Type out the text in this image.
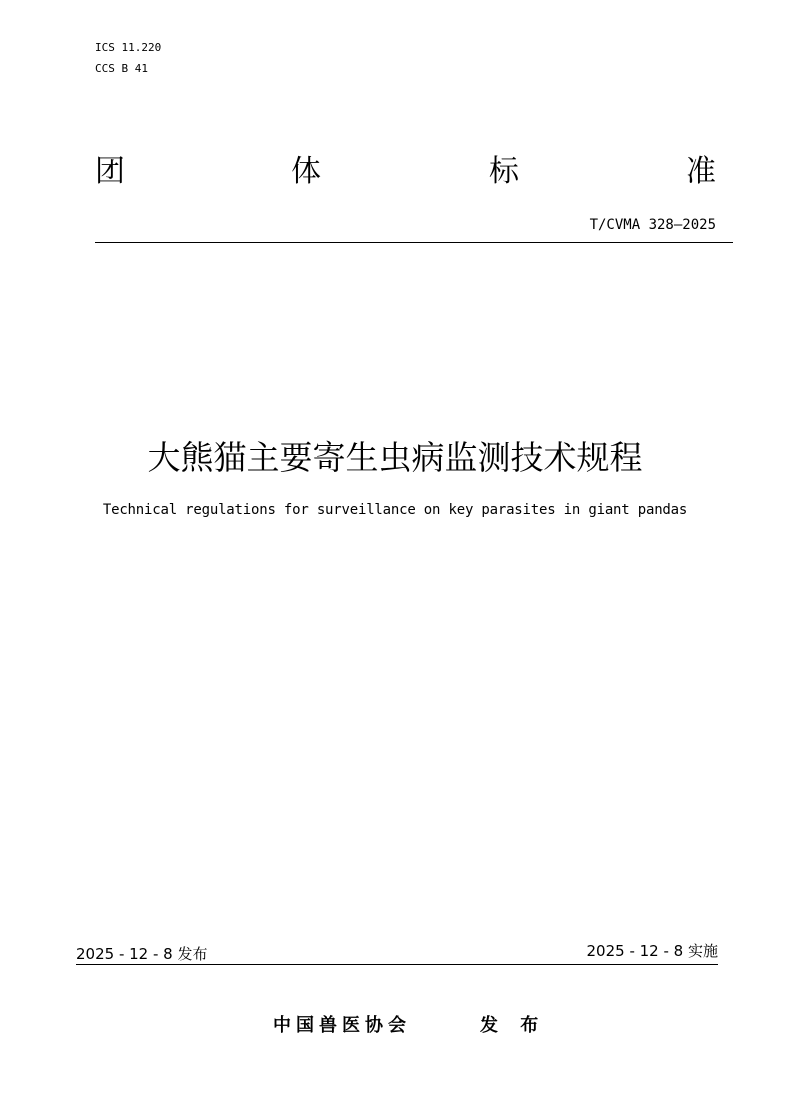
ICS 11.220
CCS B 41
团	体	标	准
T/CVMA 328—2025
大熊猫主要寄生虫病监测技术规程
Technical regulations for surveillance on key parasites in giant pandas
2025 - 12 - 8 发布	2025 - 12 - 8 实施
中国兽医协会	发 布
